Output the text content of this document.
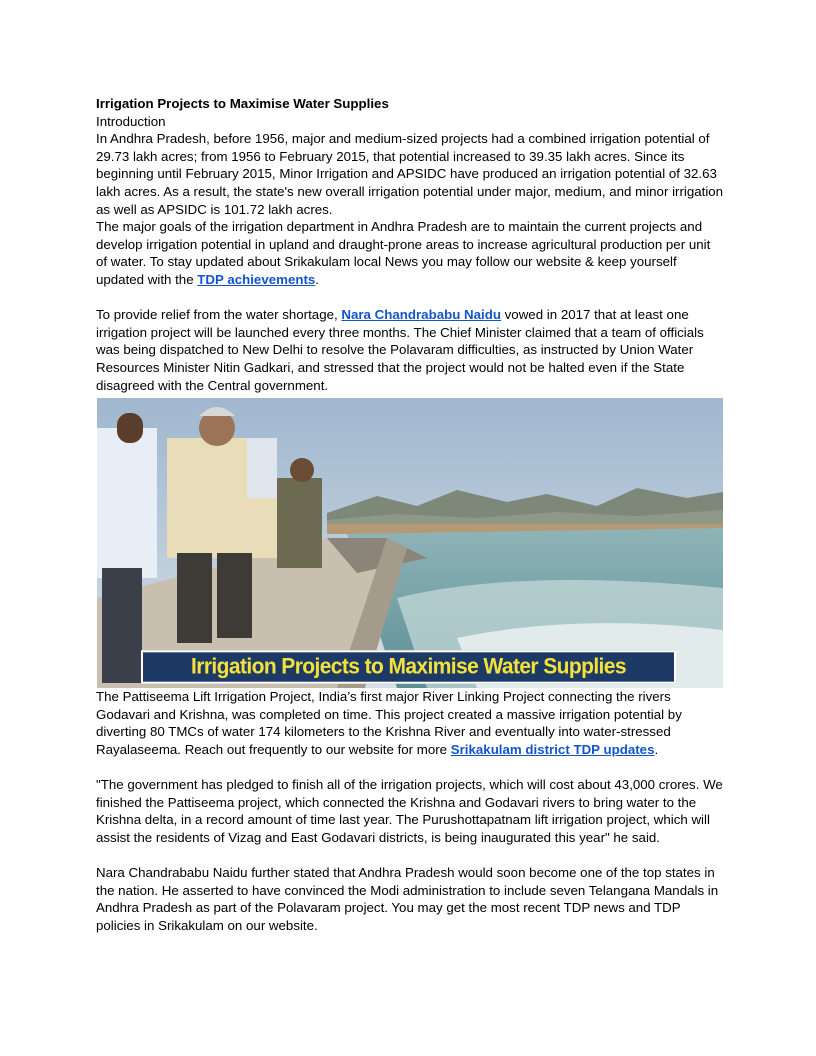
Irrigation Projects to Maximise Water Supplies

Introduction

In Andhra Pradesh, before 1956, major and medium-sized projects had a combined irrigation potential of 29.73 lakh acres; from 1956 to February 2015, that potential increased to 39.35 lakh acres. Since its beginning until February 2015, Minor Irrigation and APSIDC have produced an irrigation potential of 32.63 lakh acres. As a result, the state's new overall irrigation potential under major, medium, and minor irrigation as well as APSIDC is 101.72 lakh acres.

The major goals of the irrigation department in Andhra Pradesh are to maintain the current projects and develop irrigation potential in upland and draught-prone areas to increase agricultural production per unit of water. To stay updated about Srikakulam local News you may follow our website & keep yourself updated with the TDP achievements.

To provide relief from the water shortage, Nara Chandrababu Naidu vowed in 2017 that at least one irrigation project will be launched every three months. The Chief Minister claimed that a team of officials was being dispatched to New Delhi to resolve the Polavaram difficulties, as instructed by Union Water Resources Minister Nitin Gadkari, and stressed that the project would not be halted even if the State disagreed with the Central government.

Irrigation Projects to Maximise Water Supplies

The Pattiseema Lift Irrigation Project, India’s first major River Linking Project connecting the rivers Godavari and Krishna, was completed on time. This project created a massive irrigation potential by diverting 80 TMCs of water 174 kilometers to the Krishna River and eventually into water-stressed Rayalaseema. Reach out frequently to our website for more Srikakulam district TDP updates.

"The government has pledged to finish all of the irrigation projects, which will cost about 43,000 crores. We finished the Pattiseema project, which connected the Krishna and Godavari rivers to bring water to the Krishna delta, in a record amount of time last year. The Purushottapatnam lift irrigation project, which will assist the residents of Vizag and East Godavari districts, is being inaugurated this year" he said.

Nara Chandrababu Naidu further stated that Andhra Pradesh would soon become one of the top states in the nation. He asserted to have convinced the Modi administration to include seven Telangana Mandals in Andhra Pradesh as part of the Polavaram project. You may get the most recent TDP news and TDP policies in Srikakulam on our website.
